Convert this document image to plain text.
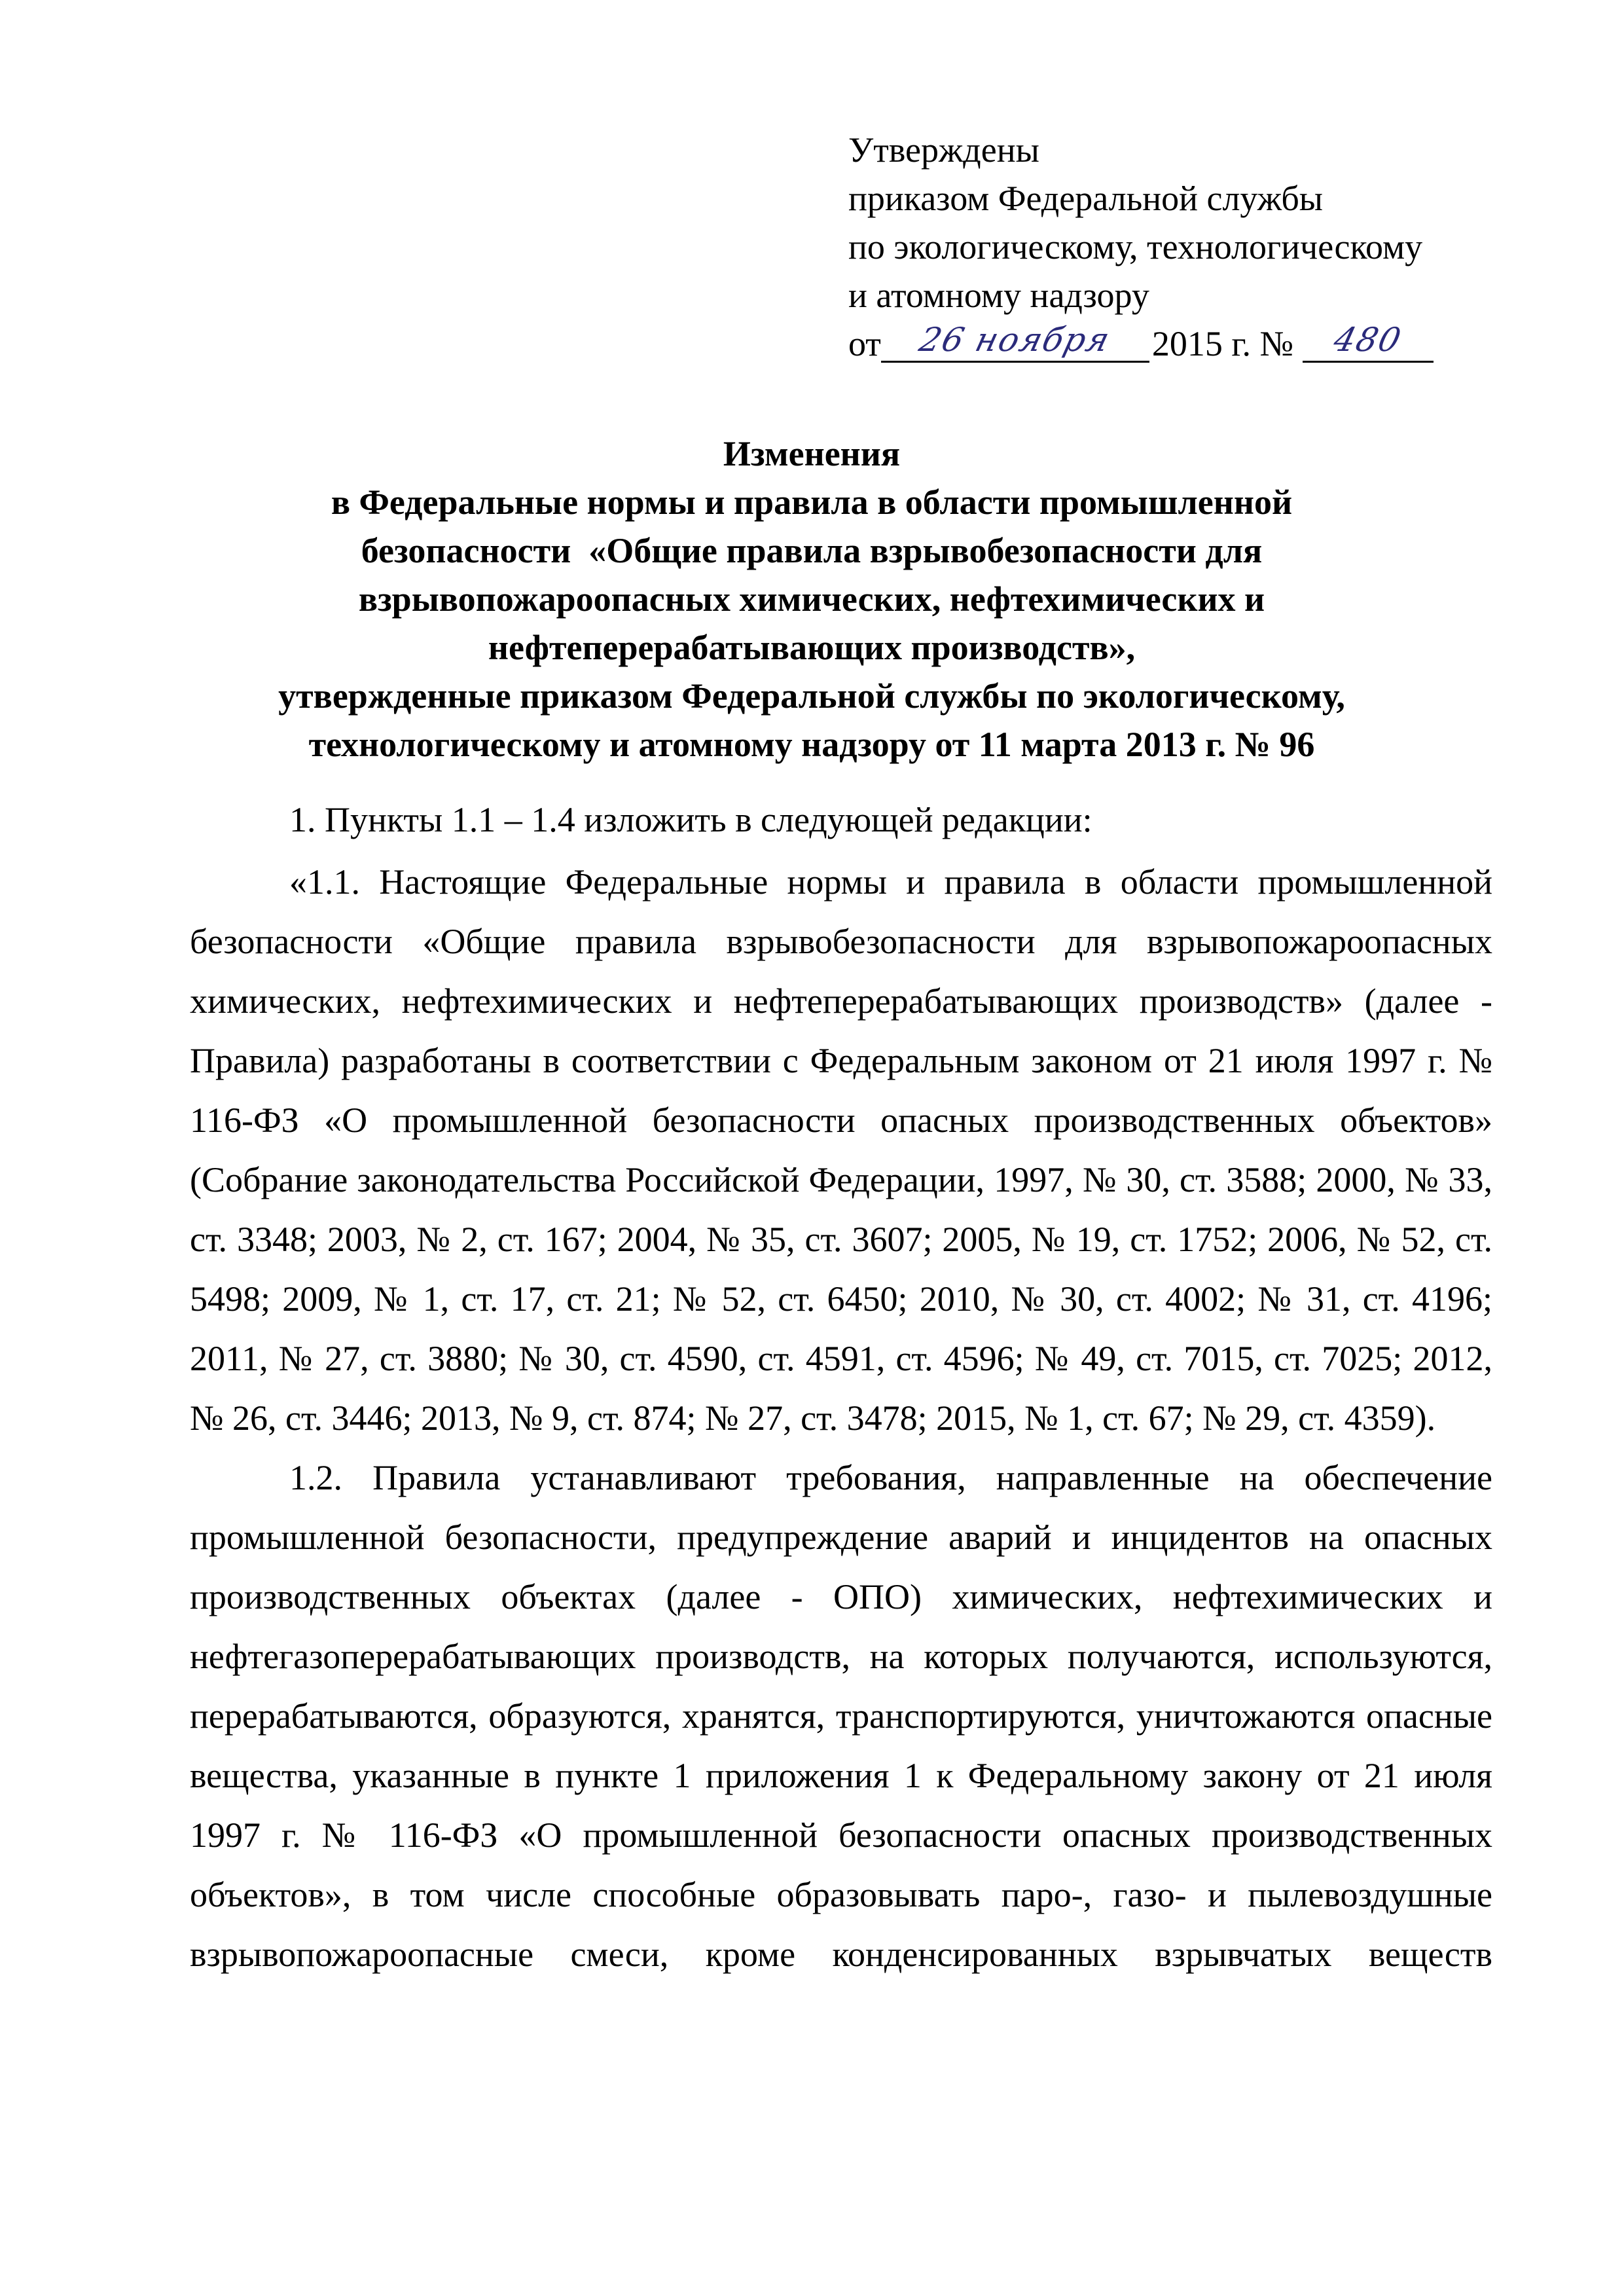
Утверждены
приказом Федеральной службы
по экологическому, технологическому
и атомному надзору
от	26 ноября	2015 г. №	480
Изменения
в Федеральные нормы и правила в области промышленной
безопасности  «Общие правила взрывобезопасности для
взрывопожароопасных химических, нефтехимических и
нефтеперерабатывающих производств»,
утвержденные приказом Федеральной службы по экологическому,
технологическому и атомному надзору от 11 марта 2013 г. № 96

1. Пункты 1.1 – 1.4 изложить в следующей редакции:

«1.1. Настоящие Федеральные нормы и правила в области промышленной безопасности «Общие правила взрывобезопасности для взрывопожароопасных химических, нефтехимических и нефтеперерабатывающих производств» (далее - Правила) разработаны в соответствии с Федеральным законом от 21 июля 1997 г. № 116-ФЗ «О промышленной безопасности опасных производственных объектов» (Собрание законодательства Российской Федерации, 1997, № 30, ст. 3588; 2000, № 33, ст. 3348; 2003, № 2, ст. 167; 2004, № 35, ст. 3607; 2005, № 19, ст. 1752; 2006, № 52, ст. 5498; 2009, № 1, ст. 17, ст. 21; № 52, ст. 6450; 2010, № 30, ст. 4002; № 31, ст. 4196; 2011, № 27, ст. 3880; № 30, ст. 4590, ст. 4591, ст. 4596; № 49, ст. 7015, ст. 7025; 2012, № 26, ст. 3446; 2013, № 9, ст. 874; № 27, ст. 3478; 2015, № 1, ст. 67; № 29, ст. 4359).

1.2. Правила устанавливают требования, направленные на обеспечение промышленной безопасности, предупреждение аварий и инцидентов на опасных производственных объектах (далее - ОПО) химических, нефтехимических и нефтегазоперерабатывающих производств, на которых получаются, используются, перерабатываются, образуются, хранятся, транспортируются, уничтожаются опасные вещества, указанные в пункте 1 приложения 1 к Федеральному закону от 21 июля 1997 г. № 116-ФЗ «О промышленной безопасности опасных производственных объектов», в том числе способные образовывать паро-, газо- и пылевоздушные взрывопожароопасные смеси, кроме конденсированных взрывчатых веществ
